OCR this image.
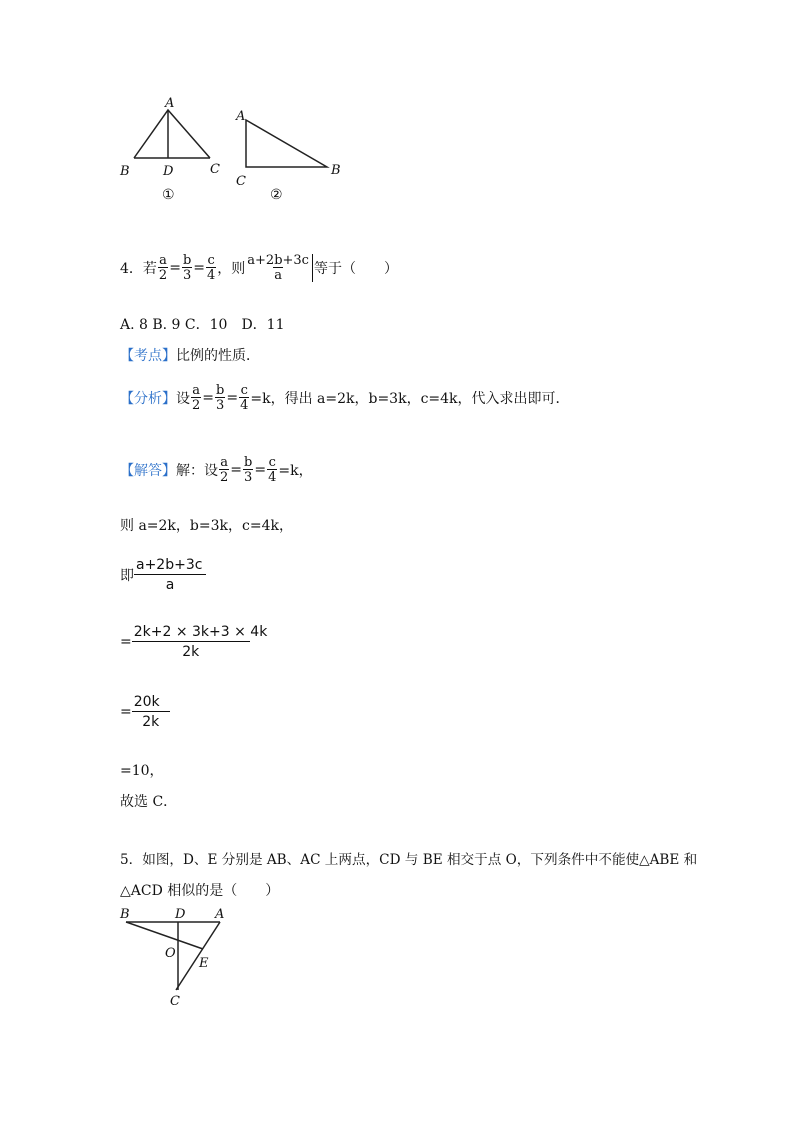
A
B	D	C
①
A
C
B
②
4． 若 $\frac{a}{2} = \frac{b}{3} = \frac{c}{4}$ ，则 $\frac{a+2b+3c}{a}$ 等于（　　）
A. 8 B. 9 C．10　D．11
【考点】比例的性质．
【分析】 设 $\frac{a}{2} = \frac{b}{3} = \frac{c}{4} =k$，得出 a=2k，b=3k，c=4k，代入求出即可．
【解答】 解：设 $\frac{a}{2} = \frac{b}{3} = \frac{c}{4} =k$，
则 a=2k，b=3k，c=4k，
即 $\frac{a+2b+3c}{a}$
= $\frac{2k+2 \times 3k+3 \times 4k}{2k}$
= $\frac{20k}{2k}$
=10，
故选 C．
5．如图，D、E 分别是 AB、AC 上两点，CD 与 BE 相交于点 O，下列条件中不能使△ABE 和
△ACD 相似的是（　　）
B	D A
O
E
C
